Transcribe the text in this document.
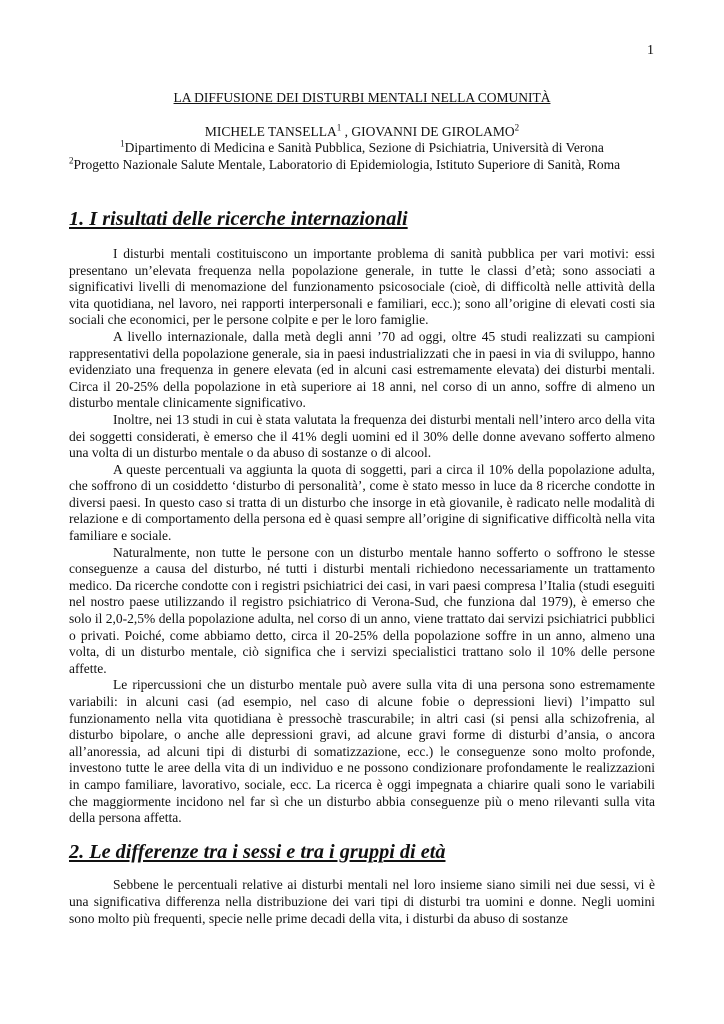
1
LA DIFFUSIONE DEI DISTURBI MENTALI NELLA COMUNITÀ

MICHELE TANSELLA$^1$ , GIOVANNI DE GIROLAMO$^2$

$^1$Dipartimento di Medicina e Sanità Pubblica, Sezione di Psichiatria, Università di Verona

$^2$Progetto Nazionale Salute Mentale, Laboratorio di Epidemiologia, Istituto Superiore di Sanità, Roma

1. I risultati delle ricerche internazionali

I disturbi mentali costituiscono un importante problema di sanità pubblica per vari motivi: essi presentano un’elevata frequenza nella popolazione generale, in tutte le classi d’età; sono associati a significativi livelli di menomazione del funzionamento psicosociale (cioè, di difficoltà nelle attività della vita quotidiana, nel lavoro, nei rapporti interpersonali e familiari, ecc.); sono all’origine di elevati costi sia sociali che economici, per le persone colpite e per le loro famiglie.

A livello internazionale, dalla metà degli anni ’70 ad oggi, oltre 45 studi realizzati su campioni rappresentativi della popolazione generale, sia in paesi industrializzati che in paesi in via di sviluppo, hanno evidenziato una frequenza in genere elevata (ed in alcuni casi estremamente elevata) dei disturbi mentali. Circa il 20-25% della popolazione in età superiore ai 18 anni, nel corso di un anno, soffre di almeno un disturbo mentale clinicamente significativo.

Inoltre, nei 13 studi in cui è stata valutata la frequenza dei disturbi mentali nell’intero arco della vita dei soggetti considerati, è emerso che il 41% degli uomini ed il 30% delle donne avevano sofferto almeno una volta di un disturbo mentale o da abuso di sostanze o di alcool.

A queste percentuali va aggiunta la quota di soggetti, pari a circa il 10% della popolazione adulta, che soffrono di un cosiddetto ‘disturbo di personalità’, come è stato messo in luce da 8 ricerche condotte in diversi paesi. In questo caso si tratta di un disturbo che insorge in età giovanile, è radicato nelle modalità di relazione e di comportamento della persona ed è quasi sempre all’origine di significative difficoltà nella vita familiare e sociale.

Naturalmente, non tutte le persone con un disturbo mentale hanno sofferto o soffrono le stesse conseguenze a causa del disturbo, né tutti i disturbi mentali richiedono necessariamente un trattamento medico. Da ricerche condotte con i registri psichiatrici dei casi, in vari paesi compresa l’Italia (studi eseguiti nel nostro paese utilizzando il registro psichiatrico di Verona-Sud, che funziona dal 1979), è emerso che solo il 2,0-2,5% della popolazione adulta, nel corso di un anno, viene trattato dai servizi psichiatrici pubblici o privati. Poiché, come abbiamo detto, circa il 20-25% della popolazione soffre in un anno, almeno una volta, di un disturbo mentale, ciò significa che i servizi specialistici trattano solo il 10% delle persone affette.

Le ripercussioni che un disturbo mentale può avere sulla vita di una persona sono estremamente variabili: in alcuni casi (ad esempio, nel caso di alcune fobie o depressioni lievi) l’impatto sul funzionamento nella vita quotidiana è pressochè trascurabile; in altri casi (si pensi alla schizofrenia, al disturbo bipolare, o anche alle depressioni gravi, ad alcune gravi forme di disturbi d’ansia, o ancora all’anoressia, ad alcuni tipi di disturbi di somatizzazione, ecc.) le conseguenze sono molto profonde, investono tutte le aree della vita di un individuo e ne possono condizionare profondamente le realizzazioni in campo familiare, lavorativo, sociale, ecc. La ricerca è oggi impegnata a chiarire quali sono le variabili che maggiormente incidono nel far sì che un disturbo abbia conseguenze più o meno rilevanti sulla vita della persona affetta.

2. Le differenze tra i sessi e tra i gruppi di età

Sebbene le percentuali relative ai disturbi mentali nel loro insieme siano simili nei due sessi, vi è una significativa differenza nella distribuzione dei vari tipi di disturbi tra uomini e donne. Negli uomini sono molto più frequenti, specie nelle prime decadi della vita, i disturbi da abuso di sostanze
